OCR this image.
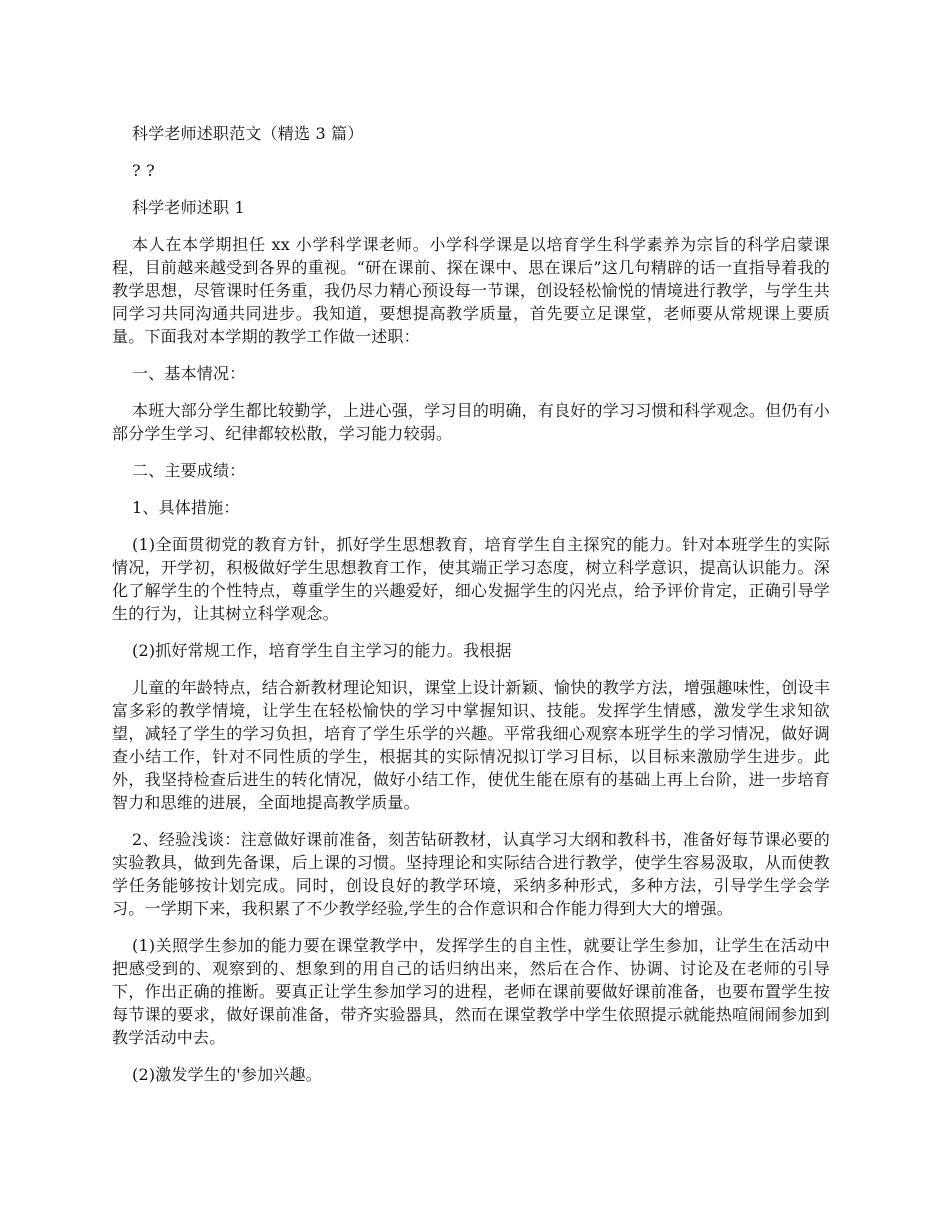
科学老师述职范文（精选 3 篇）

? ?

科学老师述职 1

本人在本学期担任 xx 小学科学课老师。小学科学课是以培育学生科学素养为宗旨的科学启蒙课程，目前越来越受到各界的重视。“研在课前、探在课中、思在课后”这几句精辟的话一直指导着我的教学思想，尽管课时任务重，我仍尽力精心预设每一节课，创设轻松愉悦的情境进行教学，与学生共同学习共同沟通共同进步。我知道，要想提高教学质量，首先要立足课堂，老师要从常规课上要质量。下面我对本学期的教学工作做一述职：

一、基本情况：

本班大部分学生都比较勤学，上进心强，学习目的明确，有良好的学习习惯和科学观念。但仍有小部分学生学习、纪律都较松散，学习能力较弱。

二、主要成绩：

1、具体措施：

(1)全面贯彻党的教育方针，抓好学生思想教育，培育学生自主探究的能力。针对本班学生的实际情况，开学初，积极做好学生思想教育工作，使其端正学习态度，树立科学意识，提高认识能力。深化了解学生的个性特点，尊重学生的兴趣爱好，细心发掘学生的闪光点，给予评价肯定，正确引导学生的行为，让其树立科学观念。

(2)抓好常规工作，培育学生自主学习的能力。我根据

儿童的年龄特点，结合新教材理论知识，课堂上设计新颖、愉快的教学方法，增强趣味性，创设丰富多彩的教学情境，让学生在轻松愉快的学习中掌握知识、技能。发挥学生情感，激发学生求知欲望，减轻了学生的学习负担，培育了学生乐学的兴趣。平常我细心观察本班学生的学习情况，做好调查小结工作，针对不同性质的学生，根据其的实际情况拟订学习目标，以目标来激励学生进步。此外，我坚持检查后进生的转化情况，做好小结工作，使优生能在原有的基础上再上台阶，进一步培育智力和思维的进展，全面地提高教学质量。

2、经验浅谈：注意做好课前准备，刻苦钻研教材，认真学习大纲和教科书，准备好每节课必要的实验教具，做到先备课，后上课的习惯。坚持理论和实际结合进行教学，使学生容易汲取，从而使教学任务能够按计划完成。同时，创设良好的教学环境，采纳多种形式，多种方法，引导学生学会学习。一学期下来，我积累了不少教学经验,学生的合作意识和合作能力得到大大的增强。

(1)关照学生参加的能力要在课堂教学中，发挥学生的自主性，就要让学生参加，让学生在活动中把感受到的、观察到的、想象到的用自己的话归纳出来，然后在合作、协调、讨论及在老师的引导下，作出正确的推断。要真正让学生参加学习的进程，老师在课前要做好课前准备，也要布置学生按每节课的要求，做好课前准备，带齐实验器具，然而在课堂教学中学生依照提示就能热喧闹闹参加到教学活动中去。

(2)激发学生的'参加兴趣。
